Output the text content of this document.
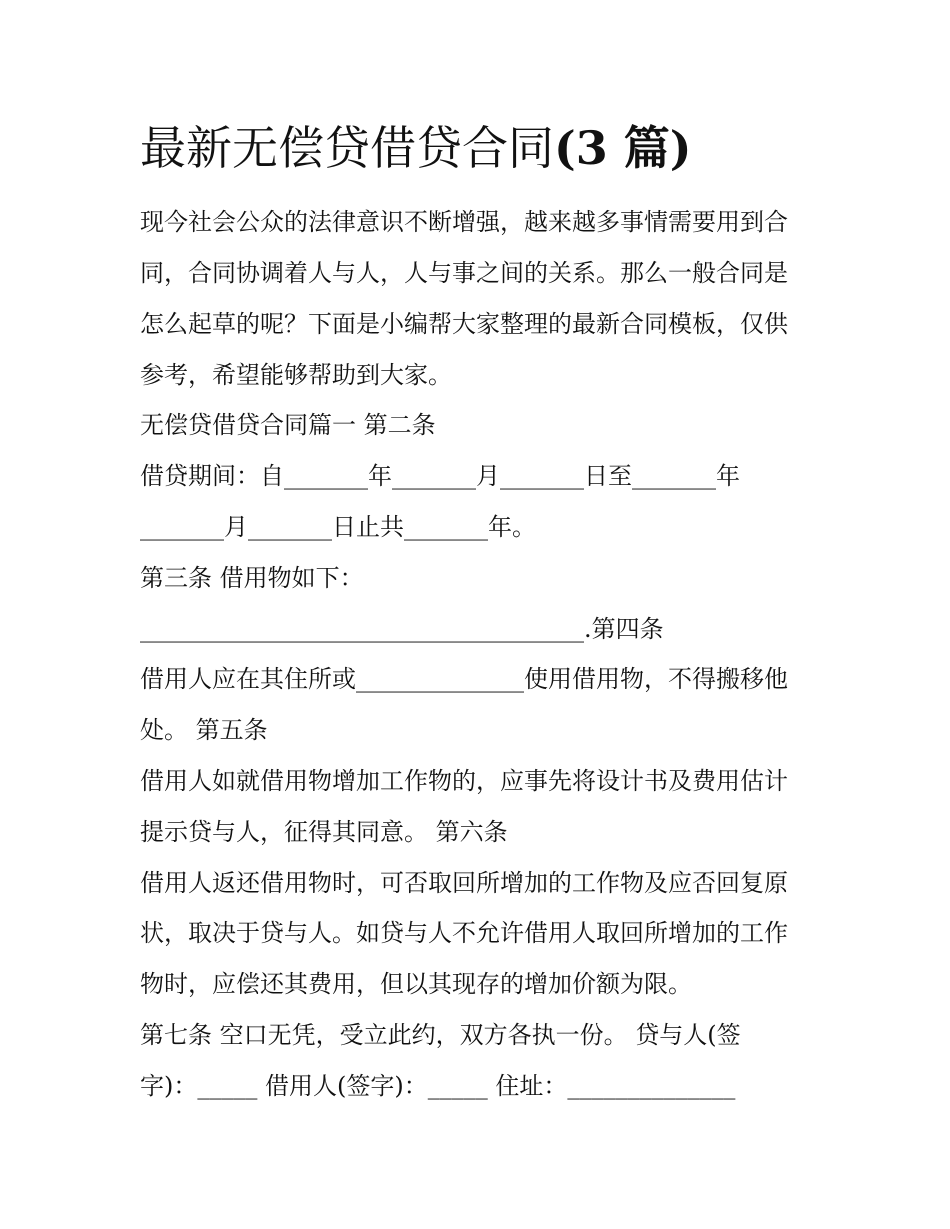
最新无偿贷借贷合同(3 篇)

现今社会公众的法律意识不断增强，越来越多事情需要用到合

同，合同协调着人与人，人与事之间的关系。那么一般合同是

怎么起草的呢？下面是小编帮大家整理的最新合同模板，仅供

参考，希望能够帮助到大家。

无偿贷借贷合同篇一 第二条

借贷期间：自_______年_______月_______日至_______年

_______月_______日止共_______年。

第三条 借用物如下：

_____________________________________.第四条

借用人应在其住所或______________使用借用物，不得搬移他

处。 第五条

借用人如就借用物增加工作物的，应事先将设计书及费用估计

提示贷与人，征得其同意。 第六条

借用人返还借用物时，可否取回所增加的工作物及应否回复原

状，取决于贷与人。如贷与人不允许借用人取回所增加的工作

物时，应偿还其费用，但以其现存的增加价额为限。

第七条 空口无凭，受立此约，双方各执一份。 贷与人(签

字)：_____ 借用人(签字)：_____ 住址：______________
